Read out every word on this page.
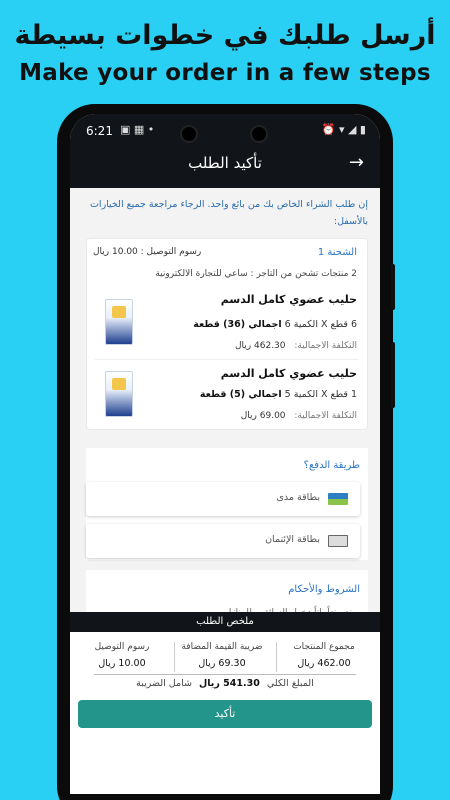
أرسل طلبك في خطوات بسيطة
Make your order in a few steps
6:21 ▣ ▦ •	⏰ ▾ ◢ ▮
تأكيد الطلب	→
إن طلب الشراء الخاص بك من بائع واحد. الرجاء مراجعة جميع الخيارات بالأسفل:
الشحنة 1
رسوم التوصيل : 10.00 ريال
2 منتجات تشحن من التاجر : ساعي للتجارة الالكترونية
حليب عضوي كامل الدسم
6 قطع X الكمية 6 اجمالي (36) قطعة
التكلفة الاجمالية: 462.30 ريال
حليب عضوي كامل الدسم
1 قطع X الكمية 5 اجمالي (5) قطعة
التكلفة الاجمالية: 69.00 ريال
طريقة الدفع؟
بطاقة مدى
بطاقة الإئتمان
الشروط والأحكام
ملخص الطلب
مجموع المنتجات
462.00 ريال
ضريبة القيمة المضافة
69.30 ريال
رسوم التوصيل
10.00 ريال
المبلغ الكلي 541.30 ريال شامل الضريبة
تأكيد
